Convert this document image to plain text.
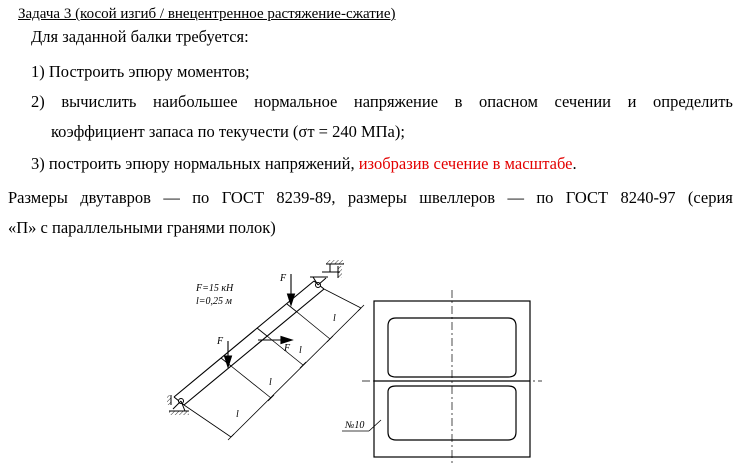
Задача 3 (косой изгиб / внецентренное растяжение-сжатие)
Для заданной балки требуется:
1) Построить эпюру моментов;
2) вычислить наибольшее нормальное напряжение в опасном сечении и определить
коэффициент запаса по текучести (σт = 240 МПа);
3) построить эпюру нормальных напряжений, изобразив сечение в масштабе.
Размеры двутавров — по ГОСТ 8239-89, размеры швеллеров — по ГОСТ 8240-97 (серия
«П» с параллельными гранями полок)
F=15 кН
l=0,25 м
l
l
l
l
F
F
F
№10
